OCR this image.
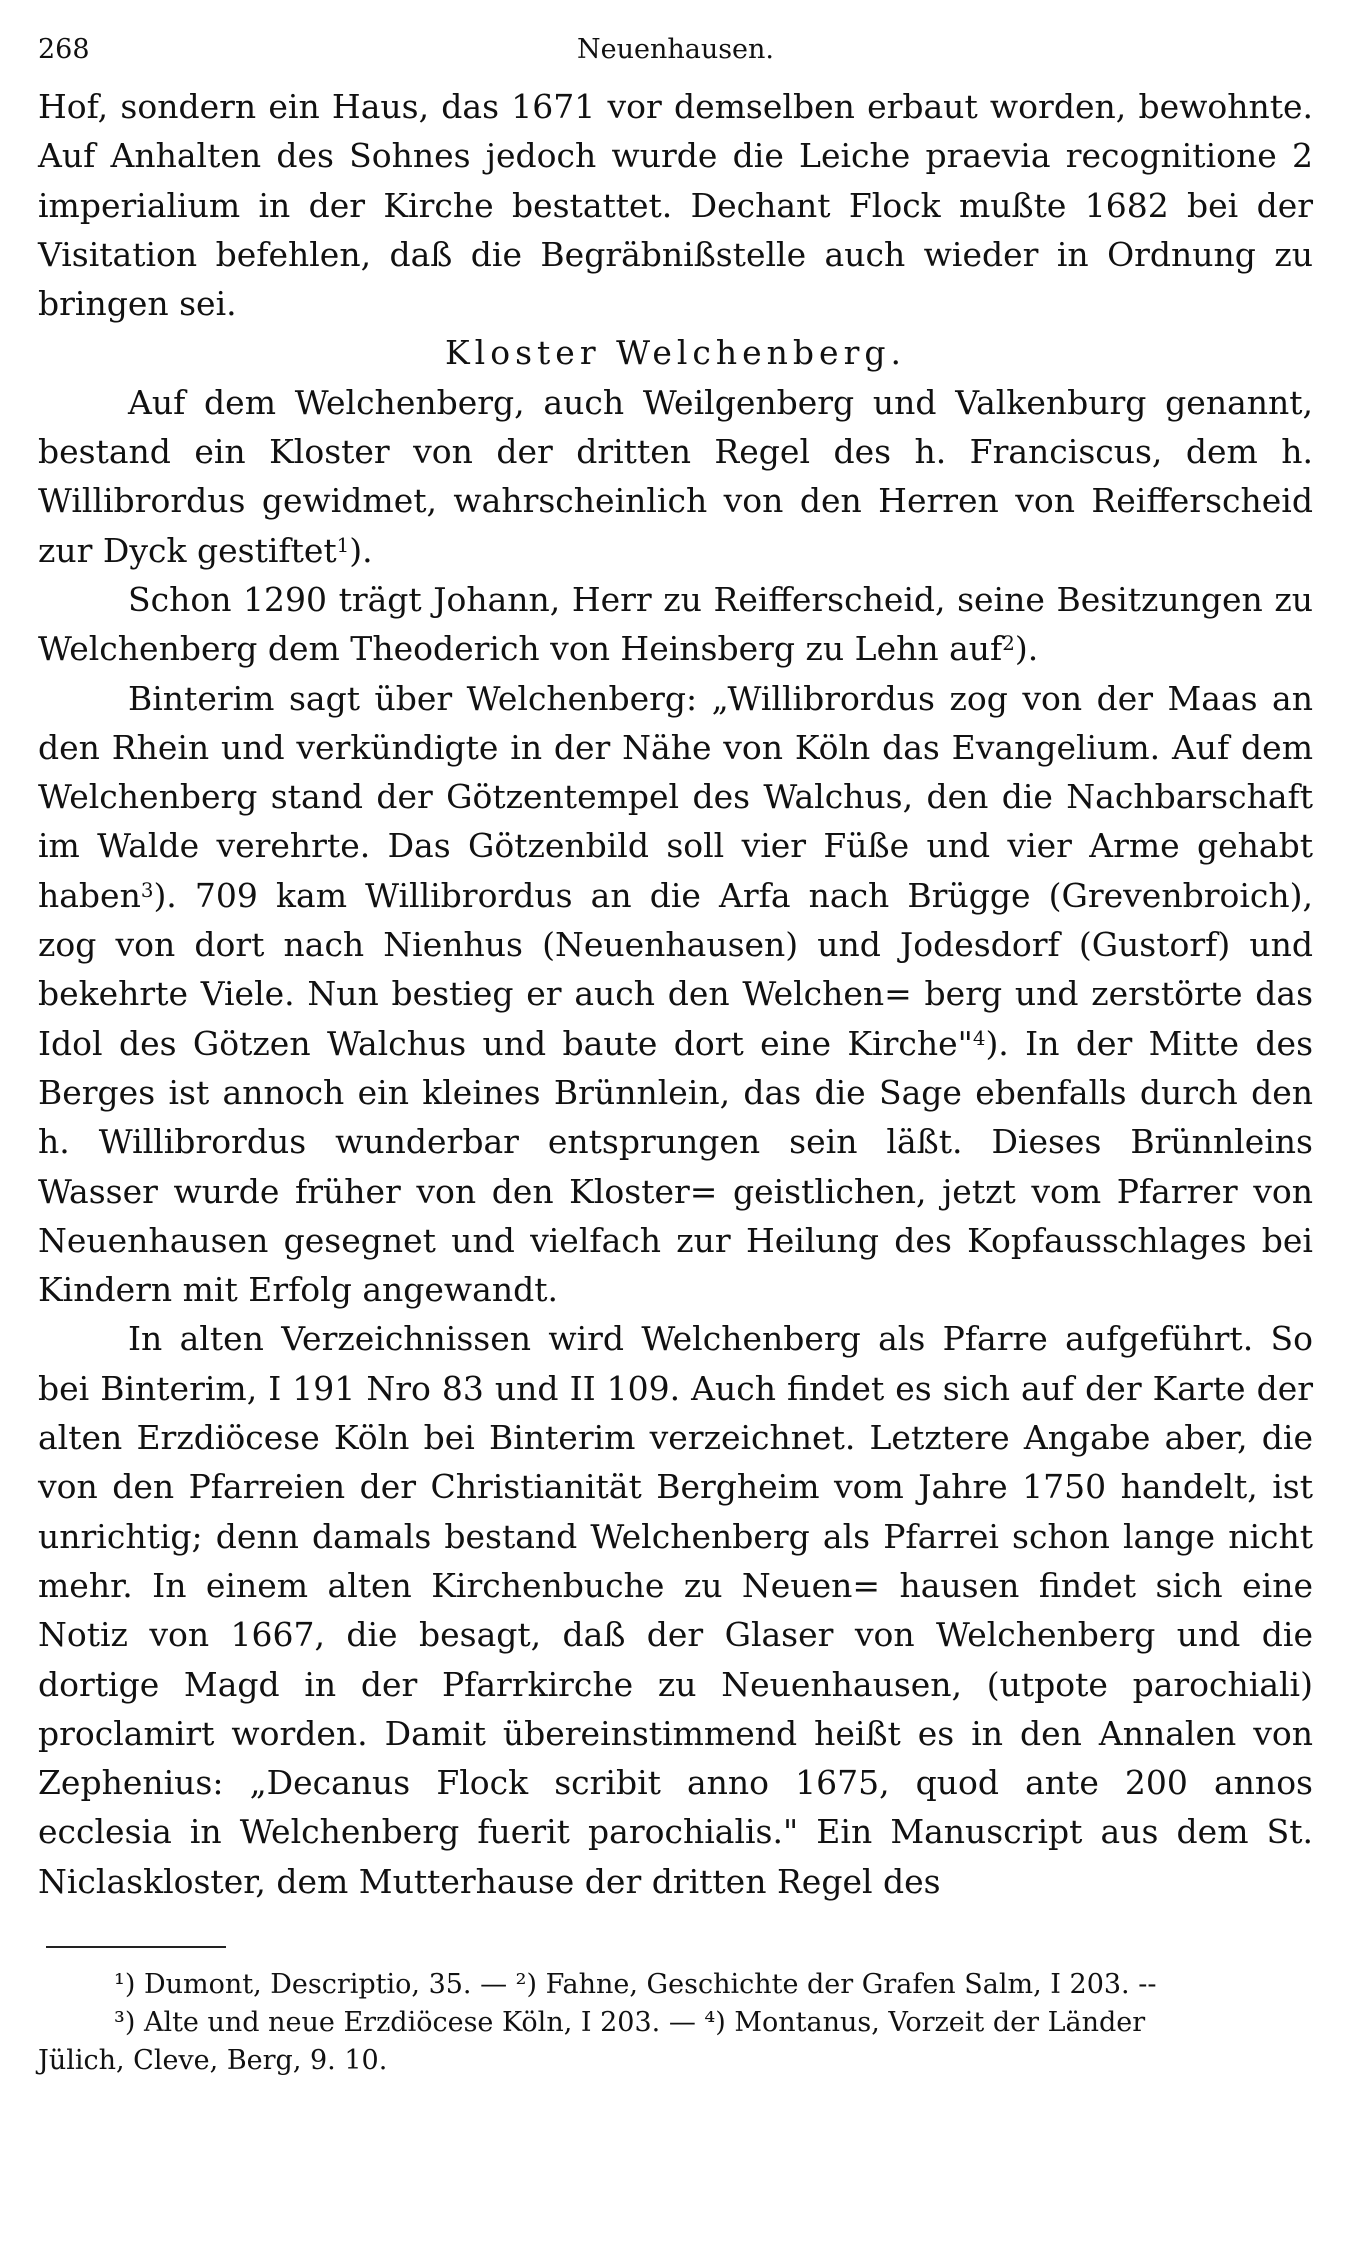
268	Neuenhausen.

Hof, sondern ein Haus, das 1671 vor demselben erbaut worden, bewohnte. Auf Anhalten des Sohnes jedoch wurde die Leiche praevia recognitione 2 imperialium in der Kirche bestattet. Dechant Flock mußte 1682 bei der Visitation befehlen, daß die Begräbnißstelle auch wieder in Ordnung zu bringen sei.

Kloster Welchenberg.

Auf dem Welchenberg, auch Weilgenberg und Valkenburg genannt, bestand ein Kloster von der dritten Regel des h. Franciscus, dem h. Willibrordus gewidmet, wahrscheinlich von den Herren von Reifferscheid zur Dyck gestiftet$^1$).

Schon 1290 trägt Johann, Herr zu Reifferscheid, seine Besitzungen zu Welchenberg dem Theoderich von Heinsberg zu Lehn auf$^2$).

Binterim sagt über Welchenberg: „Willibrordus zog von der Maas an den Rhein und verkündigte in der Nähe von Köln das Evangelium. Auf dem Welchenberg stand der Götzentempel des Walchus, den die Nachbarschaft im Walde verehrte. Das Götzenbild soll vier Füße und vier Arme gehabt haben$^3$). 709 kam Willibrordus an die Arfa nach Brügge (Grevenbroich), zog von dort nach Nienhus (Neuenhausen) und Jodesdorf (Gustorf) und bekehrte Viele. Nun bestieg er auch den Welchen= berg und zerstörte das Idol des Götzen Walchus und baute dort eine Kirche"$^4$). In der Mitte des Berges ist annoch ein kleines Brünnlein, das die Sage ebenfalls durch den h. Willibrordus wunderbar entsprungen sein läßt. Dieses Brünnleins Wasser wurde früher von den Kloster= geistlichen, jetzt vom Pfarrer von Neuenhausen gesegnet und vielfach zur Heilung des Kopfausschlages bei Kindern mit Erfolg angewandt.

In alten Verzeichnissen wird Welchenberg als Pfarre aufgeführt. So bei Binterim, I 191 Nro 83 und II 109. Auch findet es sich auf der Karte der alten Erzdiöcese Köln bei Binterim verzeichnet. Letztere Angabe aber, die von den Pfarreien der Christianität Bergheim vom Jahre 1750 handelt, ist unrichtig; denn damals bestand Welchenberg als Pfarrei schon lange nicht mehr. In einem alten Kirchenbuche zu Neuen= hausen findet sich eine Notiz von 1667, die besagt, daß der Glaser von Welchenberg und die dortige Magd in der Pfarrkirche zu Neuenhausen, (utpote parochiali) proclamirt worden. Damit übereinstimmend heißt es in den Annalen von Zephenius: „Decanus Flock scribit anno 1675, quod ante 200 annos ecclesia in Welchenberg fuerit parochialis." Ein Manuscript aus dem St. Niclaskloster, dem Mutterhause der dritten Regel des

¹) Dumont, Descriptio, 35. — ²) Fahne, Geschichte der Grafen Salm, I 203. --

³) Alte und neue Erzdiöcese Köln, I 203. — ⁴) Montanus, Vorzeit der Länder

Jülich, Cleve, Berg, 9. 10.
